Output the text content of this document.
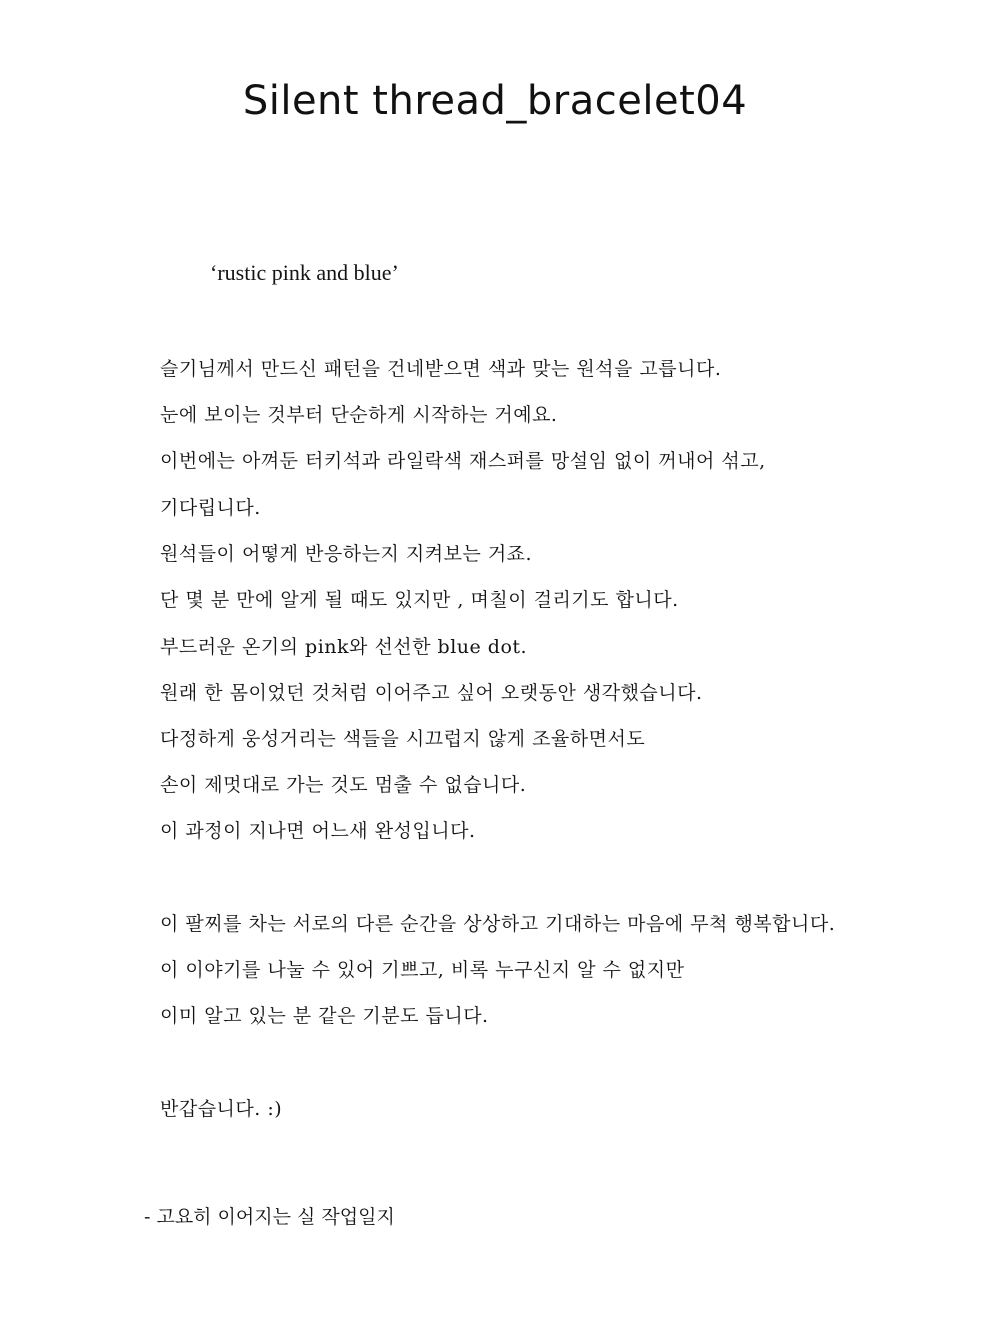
Silent thread_bracelet04

‘rustic pink and blue’

슬기님께서 만드신 패턴을 건네받으면 색과 맞는 원석을 고릅니다.

눈에 보이는 것부터 단순하게 시작하는 거예요.

이번에는 아껴둔 터키석과 라일락색 재스퍼를 망설임 없이 꺼내어 섞고,

기다립니다.

원석들이 어떻게 반응하는지 지켜보는 거죠.

단 몇 분 만에 알게 될 때도 있지만 , 며칠이 걸리기도 합니다.

부드러운 온기의 pink와 선선한 blue dot.

원래 한 몸이었던 것처럼 이어주고 싶어 오랫동안 생각했습니다.

다정하게 웅성거리는 색들을 시끄럽지 않게 조율하면서도

손이 제멋대로 가는 것도 멈출 수 없습니다.

이 과정이 지나면 어느새 완성입니다.

이 팔찌를 차는 서로의 다른 순간을 상상하고 기대하는 마음에 무척 행복합니다.

이 이야기를 나눌 수 있어 기쁘고, 비록 누구신지 알 수 없지만

이미 알고 있는 분 같은 기분도 듭니다.

반갑습니다. :)

- 고요히 이어지는 실 작업일지
